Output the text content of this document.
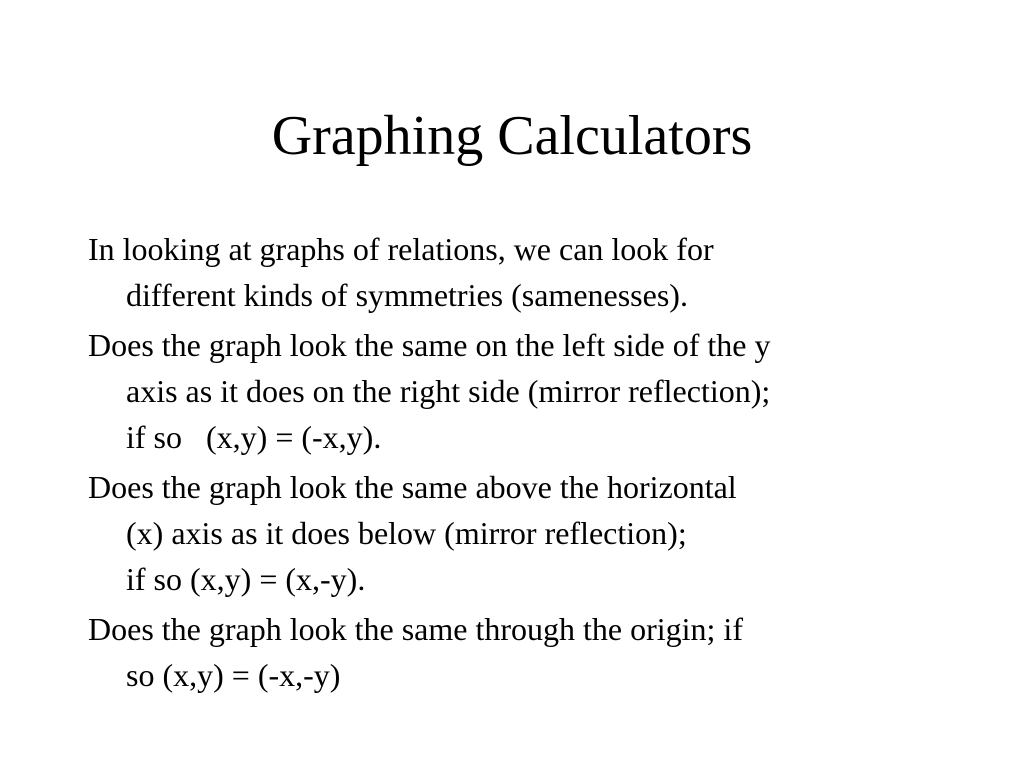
Graphing Calculators
In looking at graphs of relations, we can look for
different kinds of symmetries (samenesses).
Does the graph look the same on the left side of the y
axis as it does on the right side (mirror reflection);
if so   (x,y) = (-x,y).
Does the graph look the same above the horizontal
(x) axis as it does below (mirror reflection);
if so (x,y) = (x,-y).
Does the graph look the same through the origin; if
so (x,y) = (-x,-y)
